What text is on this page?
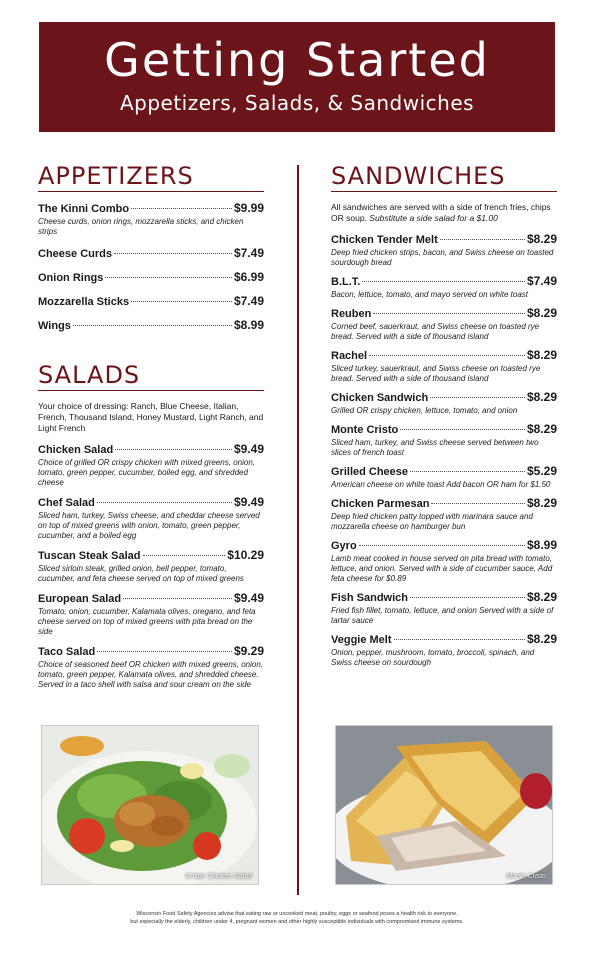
Getting Started
Appetizers, Salads, & Sandwiches
APPETIZERS
The Kinni Combo	$9.99
Cheese curds, onion rings, mozzarella sticks, and chicken strips
Cheese Curds	$7.49
Onion Rings	$6.99
Mozzarella Sticks	$7.49
Wings	$8.99
SALADS
Your choice of dressing: Ranch, Blue Cheese, Italian, French, Thousand Island, Honey Mustard, Light Ranch, and Light French
Chicken Salad	$9.49
Choice of grilled OR crispy chicken with mixed greens, onion, tomato, green pepper, cucumber, boiled egg, and shredded cheese
Chef Salad	$9.49
Sliced ham, turkey, Swiss cheese, and cheddar cheese served on top of mixed greens with onion, tomato, green pepper, cucumber, and a boiled egg
Tuscan Steak Salad	$10.29
Sliced sirloin steak, grilled onion, bell pepper, tomato, cucumber, and feta cheese served on top of mixed greens
European Salad	$9.49
Tomato, onion, cucumber, Kalamata olives, oregano, and feta cheese served on top of mixed greens with pita bread on the side
Taco Salad	$9.29
Choice of seasoned beef OR chicken with mixed greens, onion, tomato, green pepper, Kalamata olives, and shredded cheese. Served in a taco shell with salsa and sour cream on the side
SANDWICHES
All sandwiches are served with a side of french fries, chips OR soup. Substitute a side salad for a $1.00
Chicken Tender Melt	$8.29
Deep fried chicken strips, bacon, and Swiss cheese on toasted sourdough bread
B.L.T.	$7.49
Bacon, lettuce, tomato, and mayo served on white toast
Reuben	$8.29
Corned beef, sauerkraut, and Swiss cheese on toasted rye bread. Served with a side of thousand island
Rachel	$8.29
Sliced turkey, sauerkraut, and Swiss cheese on toasted rye bread. Served with a side of thousand island
Chicken Sandwich	$8.29
Grilled OR crispy chicken, lettuce, tomato, and onion
Monte Cristo	$8.29
Sliced ham, turkey, and Swiss cheese served between two slices of french toast
Grilled Cheese	$5.29
American cheese on white toast Add bacon OR ham for $1.50
Chicken Parmesan	$8.29
Deep fried chicken patty topped with marinara sauce and mozzarella cheese on hamburger bun
Gyro	$8.99
Lamb meat cooked in house served on pita bread with tomato, lettuce, and onion. Served with a side of cucumber sauce. Add feta cheese for $0.89
Fish Sandwich	$8.29
Fried fish fillet, tomato, lettuce, and onion Served with a side of tartar sauce
Veggie Melt	$8.29
Onion, pepper, mushroom, tomato, broccoli, spinach, and Swiss cheese on sourdough
Crispy Chicken Salad	Monte Cristo
Wisconsin Food Safety Agencies advise that eating raw or uncooked meat, poultry, eggs or seafood poses a health risk to everyone,
but especially the elderly, children under 4, pregnant women and other highly susceptible individuals with compromised immune systems.
